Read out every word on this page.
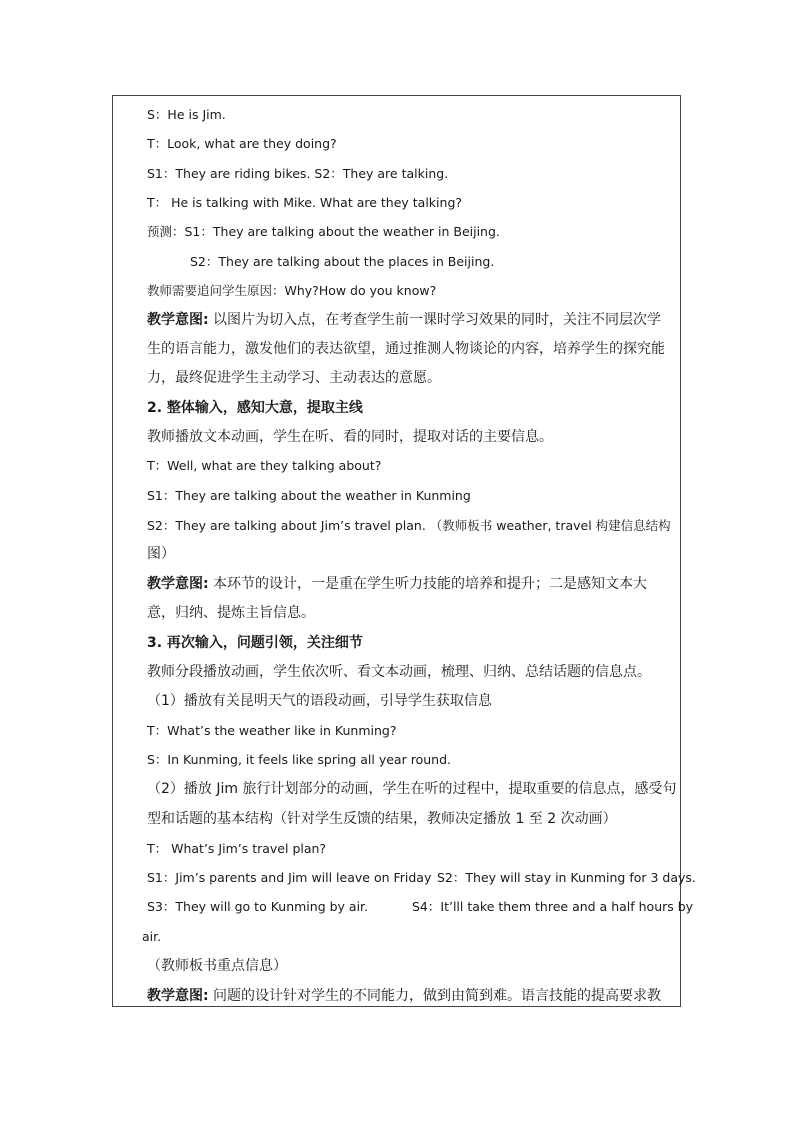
S：He is Jim.
T：Look, what are they doing?
S1：They are riding bikes. S2：They are talking.
T： He is talking with Mike. What are they talking?
预测：S1：They are talking about the weather in Beijing.
S2：They are talking about the places in Beijing.
教师需要追问学生原因：Why?How do you know?
教学意图: 以图片为切入点，在考查学生前一课时学习效果的同时，关注不同层次学
生的语言能力，激发他们的表达欲望，通过推测人物谈论的内容，培养学生的探究能
力，最终促进学生主动学习、主动表达的意愿。
2. 整体输入，感知大意，提取主线
教师播放文本动画，学生在听、看的同时，提取对话的主要信息。
T：Well, what are they talking about?
S1：They are talking about the weather in Kunming
S2：They are talking about Jim’s travel plan. （教师板书 weather, travel 构建信息结构
图）
教学意图: 本环节的设计，一是重在学生听力技能的培养和提升；二是感知文本大
意，归纳、提炼主旨信息。
3. 再次输入，问题引领，关注细节
教师分段播放动画，学生依次听、看文本动画，梳理、归纳、总结话题的信息点。
（1）播放有关昆明天气的语段动画，引导学生获取信息
T：What’s the weather like in Kunming?
S：In Kunming, it feels like spring all year round.
（2）播放 Jim 旅行计划部分的动画，学生在听的过程中，提取重要的信息点，感受句
型和话题的基本结构（针对学生反馈的结果，教师决定播放 1 至 2 次动画）
T： What’s Jim’s travel plan?
S1：Jim’s parents and Jim will leave on Friday S2：They will stay in Kunming for 3 days.
S3：They will go to Kunming by air.	S4：It’lll take them three and a half hours by
air.
（教师板书重点信息）
教学意图: 问题的设计针对学生的不同能力，做到由简到难。语言技能的提高要求教
